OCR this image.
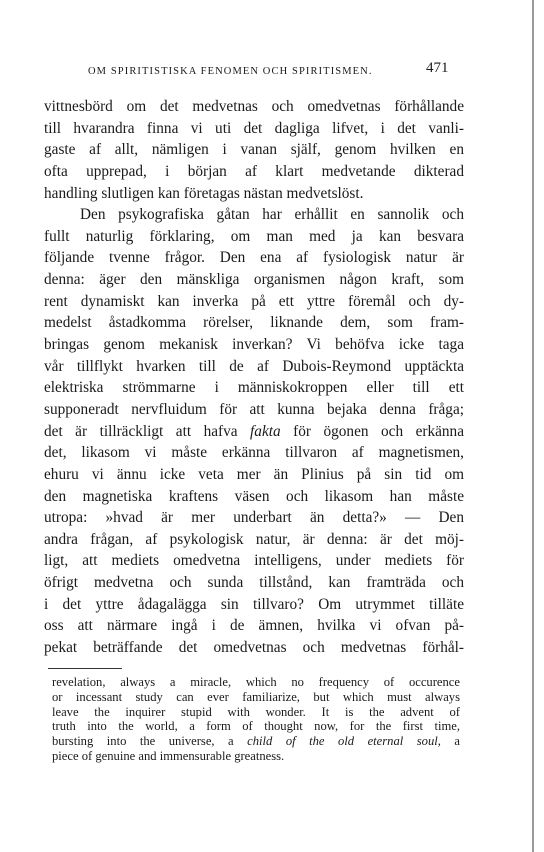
OM SPIRITISTISKA FENOMEN OCH SPIRITISMEN.	471
vittnesbörd om det medvetnas och omedvetnas förhållande
till hvarandra finna vi uti det dagliga lifvet, i det vanli-
gaste af allt, nämligen i vanan själf, genom hvilken en
ofta upprepad, i början af klart medvetande dikterad
handling slutligen kan företagas nästan medvetslöst.
Den psykografiska gåtan har erhållit en sannolik och
fullt naturlig förklaring, om man med ja kan besvara
följande tvenne frågor. Den ena af fysiologisk natur är
denna: äger den mänskliga organismen någon kraft, som
rent dynamiskt kan inverka på ett yttre föremål och dy-
medelst åstadkomma rörelser, liknande dem, som fram-
bringas genom mekanisk inverkan? Vi behöfva icke taga
vår tillflykt hvarken till de af Dubois-Reymond upptäckta
elektriska strömmarne i människokroppen eller till ett
supponeradt nervfluidum för att kunna bejaka denna fråga;
det är tillräckligt att hafva fakta för ögonen och erkänna
det, likasom vi måste erkänna tillvaron af magnetismen,
ehuru vi ännu icke veta mer än Plinius på sin tid om
den magnetiska kraftens väsen och likasom han måste
utropa: »hvad är mer underbart än detta?» — Den
andra frågan, af psykologisk natur, är denna: är det möj-
ligt, att mediets omedvetna intelligens, under mediets för
öfrigt medvetna och sunda tillstånd, kan framträda och
i det yttre ådagalägga sin tillvaro? Om utrymmet tilläte
oss att närmare ingå i de ämnen, hvilka vi ofvan på-
pekat beträffande det omedvetnas och medvetnas förhål-
revelation, always a miracle, which no frequency of occurence
or incessant study can ever familiarize, but which must always
leave the inquirer stupid with wonder. It is the advent of
truth into the world, a form of thought now, for the first time,
bursting into the universe, a child of the old eternal soul, a
piece of genuine and immensurable greatness.
